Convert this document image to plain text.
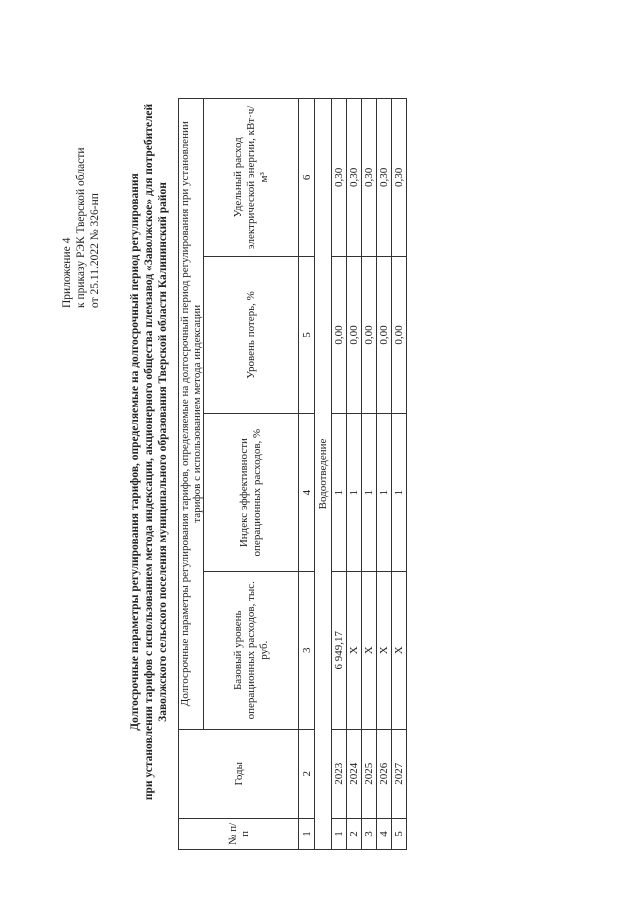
Приложение 4 к приказу РЭК Тверской области от 25.11.2022 № 326-нп Долгосрочные параметры регулирования тарифов, определяемые на долгосрочный период регулирования при установлении тарифов с использованием метода индексации, акционерного общества племзавод «Заволжское» для потребителей Заволжского сельского поселения муниципального образования Тверской области Калининский район
№ п/п	Годы	Долгосрочные параметры регулирования тарифов, определяемые на долгосрочный период регулирования при установлении тарифов с использованием метода индексации			
		Базовый уровень операционных расходов, тыс. руб.	Индекс эффективности операционных расходов, %	Уровень потерь, %	Удельный расход электрической энергии, кВт·ч/м³
1	2	3	4	5	6
Водоотведение					
1	2023	6 949,17	1	0,00	0,30
2	2024	Х	1	0,00	0,30
3	2025	Х	1	0,00	0,30
4	2026	Х	1	0,00	0,30
5	2027	Х	1	0,00	0,30
